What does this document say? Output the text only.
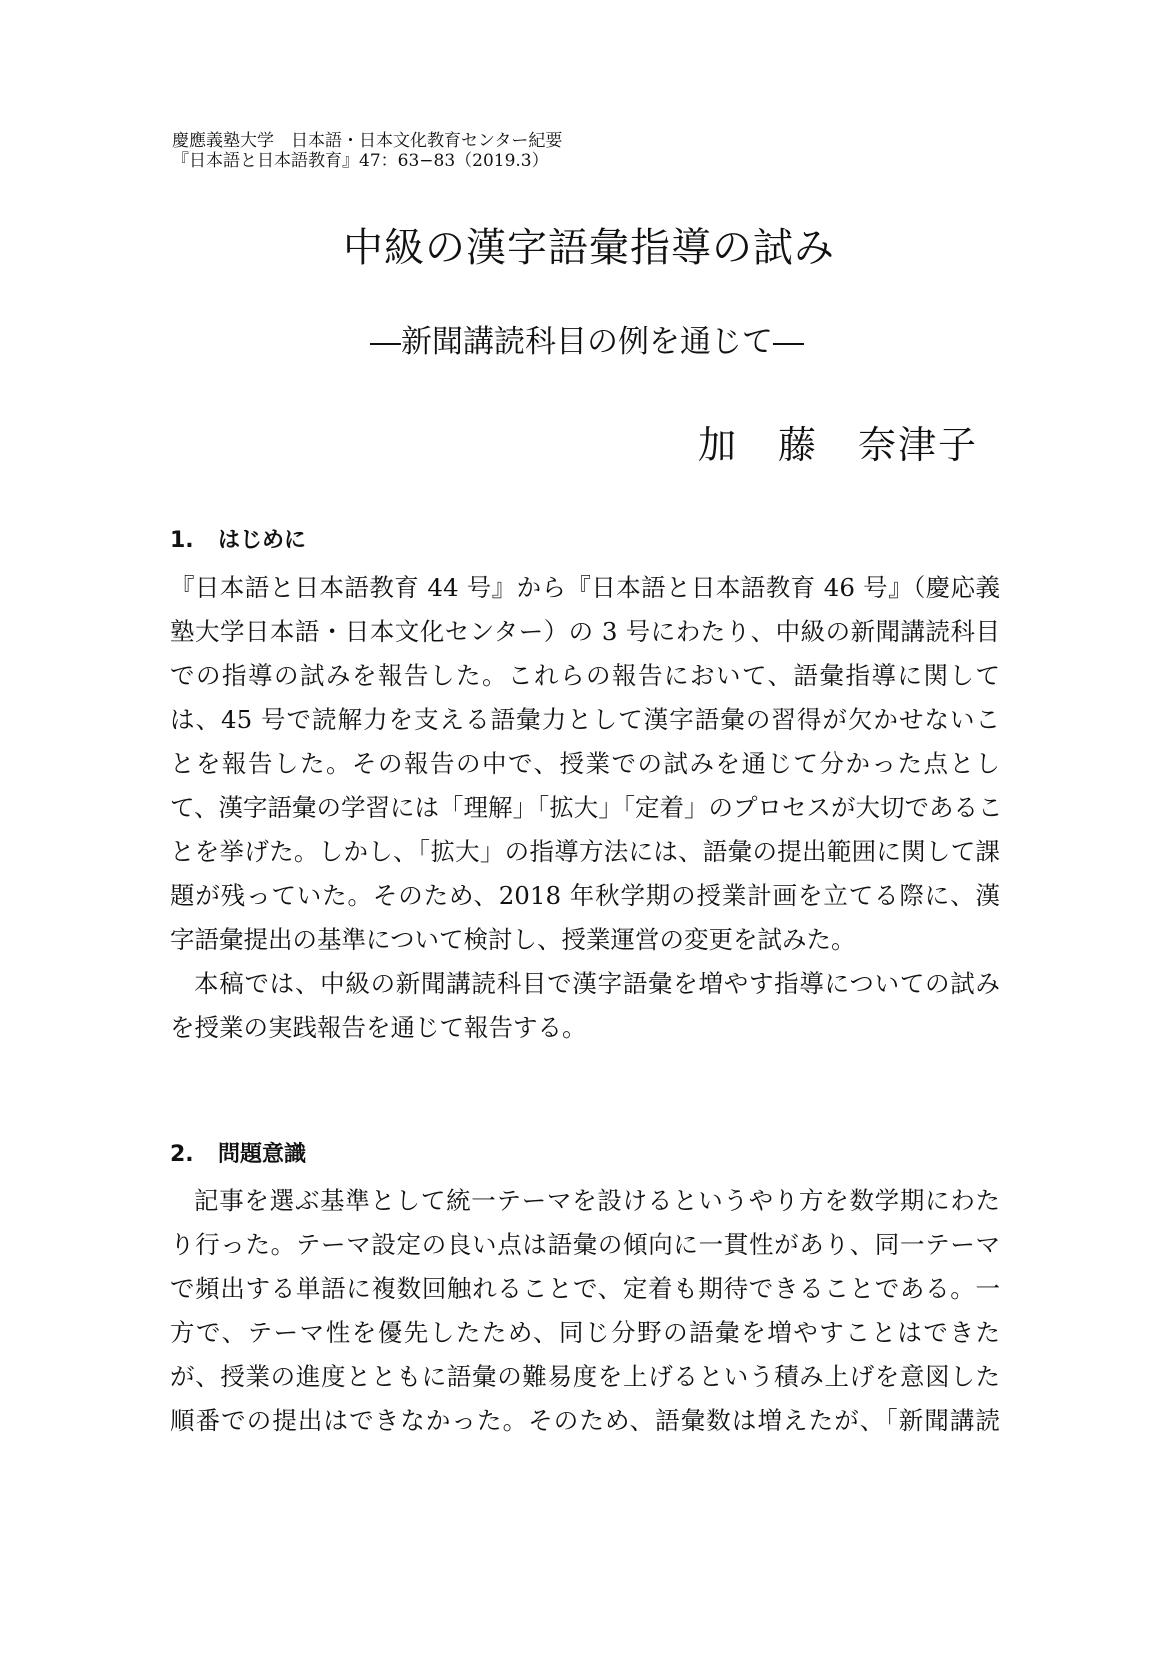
慶應義塾大学　日本語・日本文化教育センター紀要
『日本語と日本語教育』47：63−83（2019.3）
中級の漢字語彙指導の試み
―新聞講読科目の例を通じて―
加　藤　奈津子
1. はじめに
『日本語と日本語教育 44 号』から『日本語と日本語教育 46 号』（慶応義
塾大学日本語・日本文化センター）の 3 号にわたり、中級の新聞講読科目
での指導の試みを報告した。これらの報告において、語彙指導に関して
は、45 号で読解力を支える語彙力として漢字語彙の習得が欠かせないこ
とを報告した。その報告の中で、授業での試みを通じて分かった点とし
て、漢字語彙の学習には「理解」「拡大」「定着」のプロセスが大切であるこ
とを挙げた。しかし、「拡大」の指導方法には、語彙の提出範囲に関して課
題が残っていた。そのため、2018 年秋学期の授業計画を立てる際に、漢
字語彙提出の基準について検討し、授業運営の変更を試みた。
本稿では、中級の新聞講読科目で漢字語彙を増やす指導についての試み
を授業の実践報告を通じて報告する。
2. 問題意識
記事を選ぶ基準として統一テーマを設けるというやり方を数学期にわた
り行った。テーマ設定の良い点は語彙の傾向に一貫性があり、同一テーマ
で頻出する単語に複数回触れることで、定着も期待できることである。一
方で、テーマ性を優先したため、同じ分野の語彙を増やすことはできた
が、授業の進度とともに語彙の難易度を上げるという積み上げを意図した
順番での提出はできなかった。そのため、語彙数は増えたが、「新聞講読
